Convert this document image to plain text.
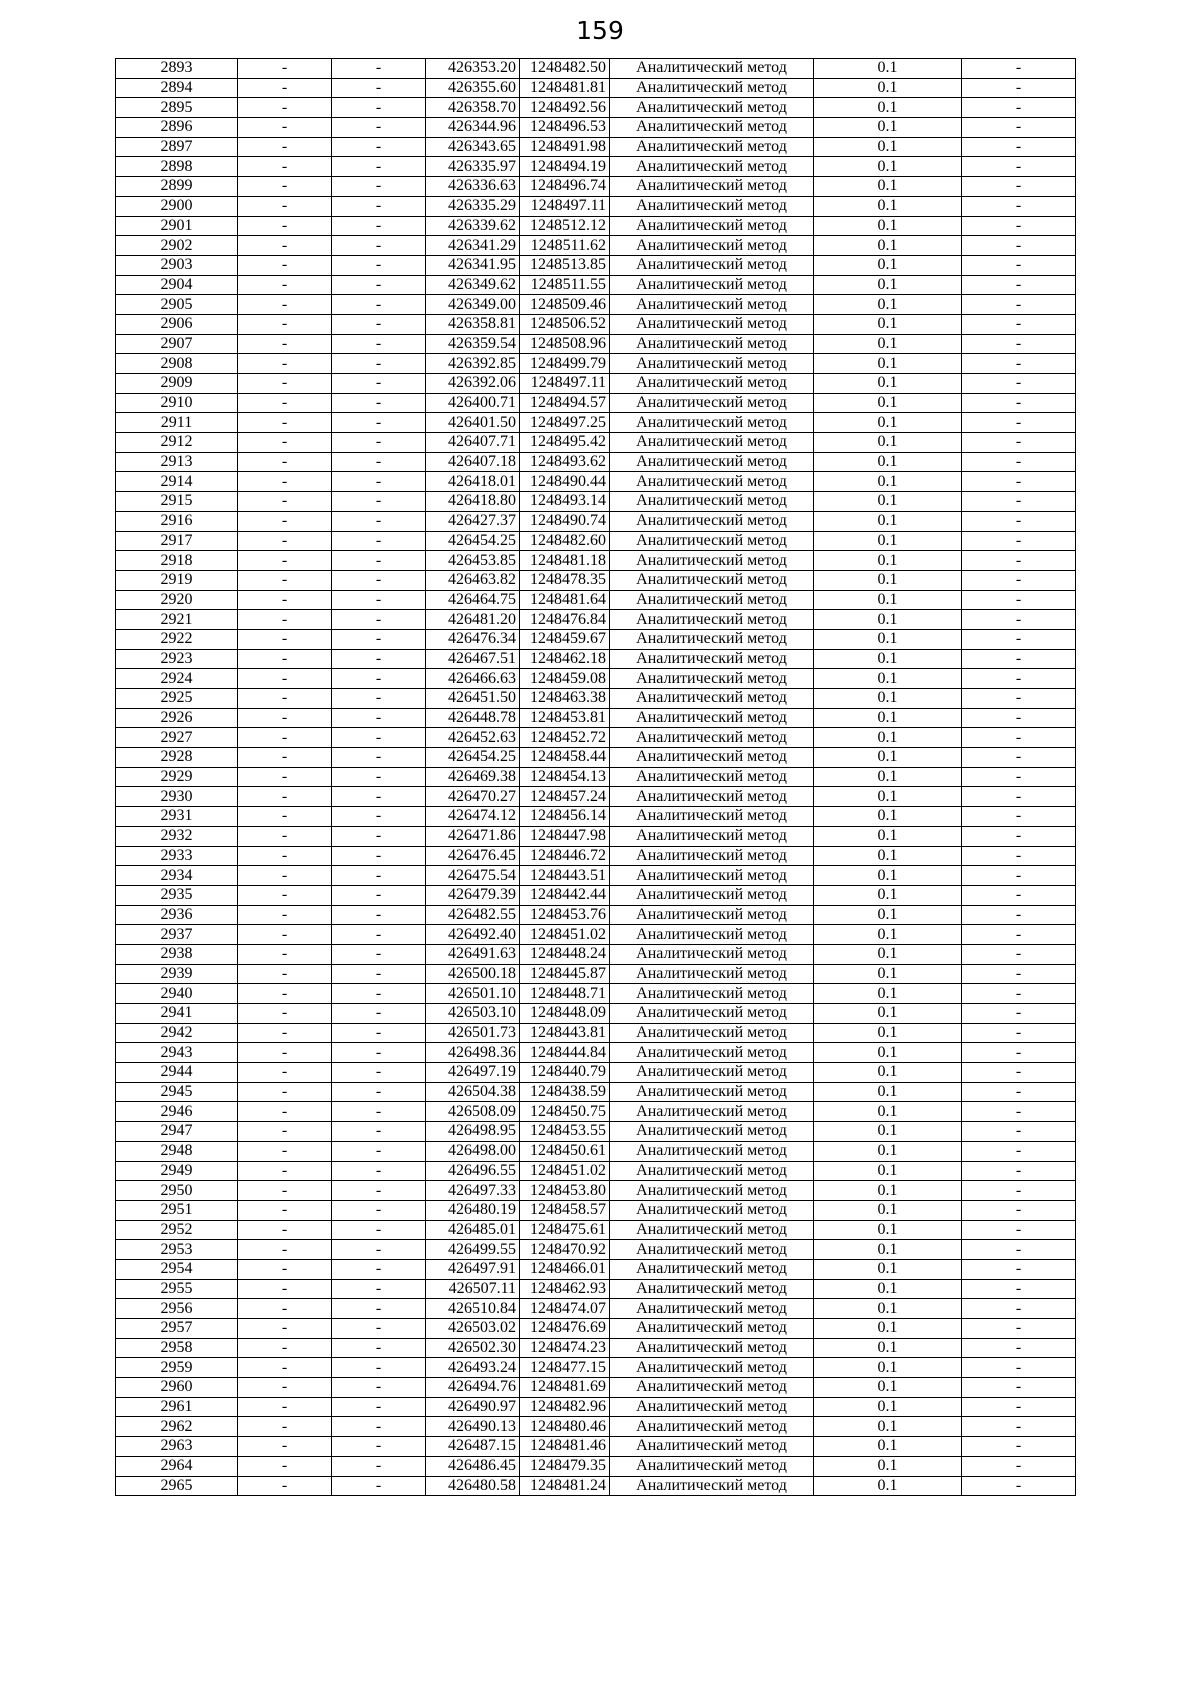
159
2893	-	-	426353.20	1248482.50	Аналитический метод	0.1	-
2894	-	-	426355.60	1248481.81	Аналитический метод	0.1	-
2895	-	-	426358.70	1248492.56	Аналитический метод	0.1	-
2896	-	-	426344.96	1248496.53	Аналитический метод	0.1	-
2897	-	-	426343.65	1248491.98	Аналитический метод	0.1	-
2898	-	-	426335.97	1248494.19	Аналитический метод	0.1	-
2899	-	-	426336.63	1248496.74	Аналитический метод	0.1	-
2900	-	-	426335.29	1248497.11	Аналитический метод	0.1	-
2901	-	-	426339.62	1248512.12	Аналитический метод	0.1	-
2902	-	-	426341.29	1248511.62	Аналитический метод	0.1	-
2903	-	-	426341.95	1248513.85	Аналитический метод	0.1	-
2904	-	-	426349.62	1248511.55	Аналитический метод	0.1	-
2905	-	-	426349.00	1248509.46	Аналитический метод	0.1	-
2906	-	-	426358.81	1248506.52	Аналитический метод	0.1	-
2907	-	-	426359.54	1248508.96	Аналитический метод	0.1	-
2908	-	-	426392.85	1248499.79	Аналитический метод	0.1	-
2909	-	-	426392.06	1248497.11	Аналитический метод	0.1	-
2910	-	-	426400.71	1248494.57	Аналитический метод	0.1	-
2911	-	-	426401.50	1248497.25	Аналитический метод	0.1	-
2912	-	-	426407.71	1248495.42	Аналитический метод	0.1	-
2913	-	-	426407.18	1248493.62	Аналитический метод	0.1	-
2914	-	-	426418.01	1248490.44	Аналитический метод	0.1	-
2915	-	-	426418.80	1248493.14	Аналитический метод	0.1	-
2916	-	-	426427.37	1248490.74	Аналитический метод	0.1	-
2917	-	-	426454.25	1248482.60	Аналитический метод	0.1	-
2918	-	-	426453.85	1248481.18	Аналитический метод	0.1	-
2919	-	-	426463.82	1248478.35	Аналитический метод	0.1	-
2920	-	-	426464.75	1248481.64	Аналитический метод	0.1	-
2921	-	-	426481.20	1248476.84	Аналитический метод	0.1	-
2922	-	-	426476.34	1248459.67	Аналитический метод	0.1	-
2923	-	-	426467.51	1248462.18	Аналитический метод	0.1	-
2924	-	-	426466.63	1248459.08	Аналитический метод	0.1	-
2925	-	-	426451.50	1248463.38	Аналитический метод	0.1	-
2926	-	-	426448.78	1248453.81	Аналитический метод	0.1	-
2927	-	-	426452.63	1248452.72	Аналитический метод	0.1	-
2928	-	-	426454.25	1248458.44	Аналитический метод	0.1	-
2929	-	-	426469.38	1248454.13	Аналитический метод	0.1	-
2930	-	-	426470.27	1248457.24	Аналитический метод	0.1	-
2931	-	-	426474.12	1248456.14	Аналитический метод	0.1	-
2932	-	-	426471.86	1248447.98	Аналитический метод	0.1	-
2933	-	-	426476.45	1248446.72	Аналитический метод	0.1	-
2934	-	-	426475.54	1248443.51	Аналитический метод	0.1	-
2935	-	-	426479.39	1248442.44	Аналитический метод	0.1	-
2936	-	-	426482.55	1248453.76	Аналитический метод	0.1	-
2937	-	-	426492.40	1248451.02	Аналитический метод	0.1	-
2938	-	-	426491.63	1248448.24	Аналитический метод	0.1	-
2939	-	-	426500.18	1248445.87	Аналитический метод	0.1	-
2940	-	-	426501.10	1248448.71	Аналитический метод	0.1	-
2941	-	-	426503.10	1248448.09	Аналитический метод	0.1	-
2942	-	-	426501.73	1248443.81	Аналитический метод	0.1	-
2943	-	-	426498.36	1248444.84	Аналитический метод	0.1	-
2944	-	-	426497.19	1248440.79	Аналитический метод	0.1	-
2945	-	-	426504.38	1248438.59	Аналитический метод	0.1	-
2946	-	-	426508.09	1248450.75	Аналитический метод	0.1	-
2947	-	-	426498.95	1248453.55	Аналитический метод	0.1	-
2948	-	-	426498.00	1248450.61	Аналитический метод	0.1	-
2949	-	-	426496.55	1248451.02	Аналитический метод	0.1	-
2950	-	-	426497.33	1248453.80	Аналитический метод	0.1	-
2951	-	-	426480.19	1248458.57	Аналитический метод	0.1	-
2952	-	-	426485.01	1248475.61	Аналитический метод	0.1	-
2953	-	-	426499.55	1248470.92	Аналитический метод	0.1	-
2954	-	-	426497.91	1248466.01	Аналитический метод	0.1	-
2955	-	-	426507.11	1248462.93	Аналитический метод	0.1	-
2956	-	-	426510.84	1248474.07	Аналитический метод	0.1	-
2957	-	-	426503.02	1248476.69	Аналитический метод	0.1	-
2958	-	-	426502.30	1248474.23	Аналитический метод	0.1	-
2959	-	-	426493.24	1248477.15	Аналитический метод	0.1	-
2960	-	-	426494.76	1248481.69	Аналитический метод	0.1	-
2961	-	-	426490.97	1248482.96	Аналитический метод	0.1	-
2962	-	-	426490.13	1248480.46	Аналитический метод	0.1	-
2963	-	-	426487.15	1248481.46	Аналитический метод	0.1	-
2964	-	-	426486.45	1248479.35	Аналитический метод	0.1	-
2965	-	-	426480.58	1248481.24	Аналитический метод	0.1	-
